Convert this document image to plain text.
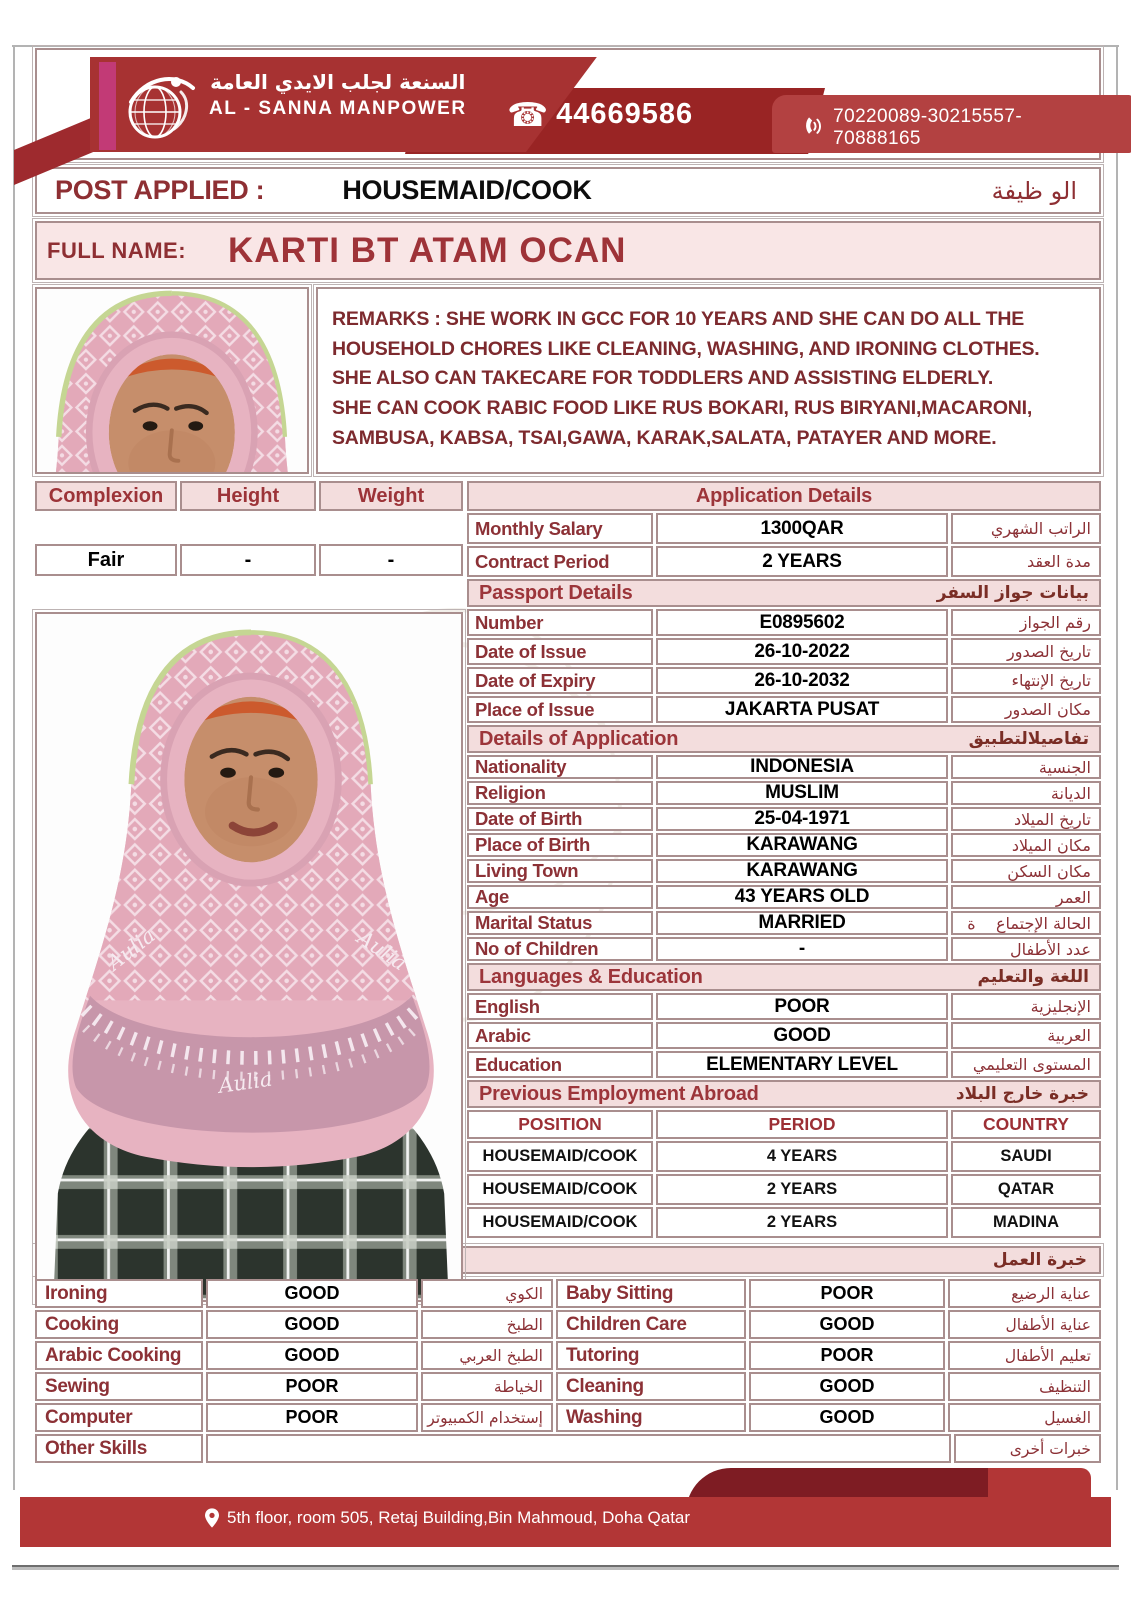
السنعة لجلب الايدي العامة
AL - SANNA MANPOWER ☎ 44669586	70220089-30215557-70888165
POST APPLIED :	HOUSEMAID/COOK	الو ظيفة
FULL NAME: KARTI BT ATAM OCAN
REMARKS : SHE WORK IN GCC FOR 10 YEARS AND SHE CAN DO ALL THE
HOUSEHOLD CHORES LIKE CLEANING, WASHING, AND IRONING CLOTHES.
SHE ALSO CAN TAKECARE FOR TODDLERS AND ASSISTING ELDERLY.
SHE CAN COOK RABIC FOOD LIKE RUS BOKARI, RUS BIRYANI,MACARONI,
SAMBUSA, KABSA, TSAI,GAWA, KARAK,SALATA, PATAYER AND MORE.
Complexion	Height	Weight
Fair	-	-
Application Details
Monthly Salary	1300QAR	الراتب الشهري
Contract Period	2 YEARS	مدة العقد
Passport Details	بيانات جواز السفر
Number	E0895602	رقم الجواز
Date of Issue	26-10-2022	تاريخ الصدور
Date of Expiry	26-10-2032	تاريخ الإنتهاء
Place of Issue	JAKARTA PUSAT	مكان الصدور
Details of Application	تفاصيلالتطبيق
Nationality	INDONESIA	الجنسية
Religion	MUSLIM	الديانة
Date of Birth	25-04-1971	تاريخ الميلاد
Place of Birth	KARAWANG	مكان الميلاد
Living Town	KARAWANG	مكان السكن
Age	43 YEARS OLD	العمر
Marital Status	MARRIED	الحالة الإجتماع    ة
No of Children	-	عدد الأطفال
Languages & Education	اللغة والتعليم
English	POOR	الإنجليزية
Arabic	GOOD	العربية
Education	ELEMENTARY LEVEL	المستوى التعليمي
Previous Employment Abroad	خبرة خارج البلاد
POSITION	PERIOD	COUNTRY
HOUSEMAID/COOK	4 YEARS	SAUDI
HOUSEMAID/COOK	2 YEARS	QATAR
HOUSEMAID/COOK	2 YEARS	MADINA
خبرة العمل
Ironing	GOOD	الكوي	Baby Sitting	POOR	عناية الرضيع
Cooking	GOOD	الطبخ	Children Care	GOOD	عناية الأطفال
Arabic Cooking	GOOD	الطبخ العربي	Tutoring	POOR	تعليم الأطفال
Sewing	POOR	الخياطة	Cleaning	GOOD	التنظيف
Computer	POOR	إستخدام الكمبيوتر	Washing	GOOD	الغسيل
Other Skills	خبرات أخرى
5th floor, room 505, Retaj Building,Bin Mahmoud, Doha Qatar
